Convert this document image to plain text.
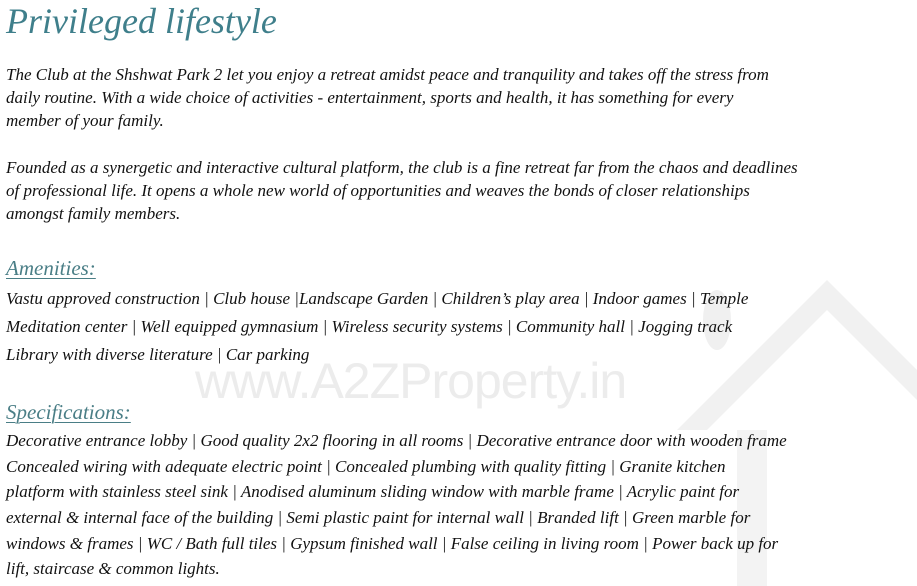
www.A2ZProperty.in
Privileged lifestyle
The Club at the Shshwat Park 2 let you enjoy a retreat amidst peace and tranquility and takes off the stress from
daily routine. With a wide choice of activities - entertainment, sports and health, it has something for every
member of your family.
Founded as a synergetic and interactive cultural platform, the club is a fine retreat far from the chaos and deadlines
of professional life. It opens a whole new world of opportunities and weaves the bonds of closer relationships
amongst family members.
Amenities:
Vastu approved construction | Club house |Landscape Garden | Children’s play area | Indoor games | Temple
Meditation center | Well equipped gymnasium | Wireless security systems | Community hall | Jogging track
Library with diverse literature | Car parking
Specifications:
Decorative entrance lobby | Good quality 2x2 flooring in all rooms | Decorative entrance door with wooden frame
Concealed wiring with adequate electric point | Concealed plumbing with quality fitting | Granite kitchen
platform with stainless steel sink | Anodised aluminum sliding window with marble frame | Acrylic paint for
external & internal face of the building | Semi plastic paint for internal wall | Branded lift | Green marble for
windows & frames | WC / Bath full tiles | Gypsum finished wall | False ceiling in living room | Power back up for
lift, staircase & common lights.
